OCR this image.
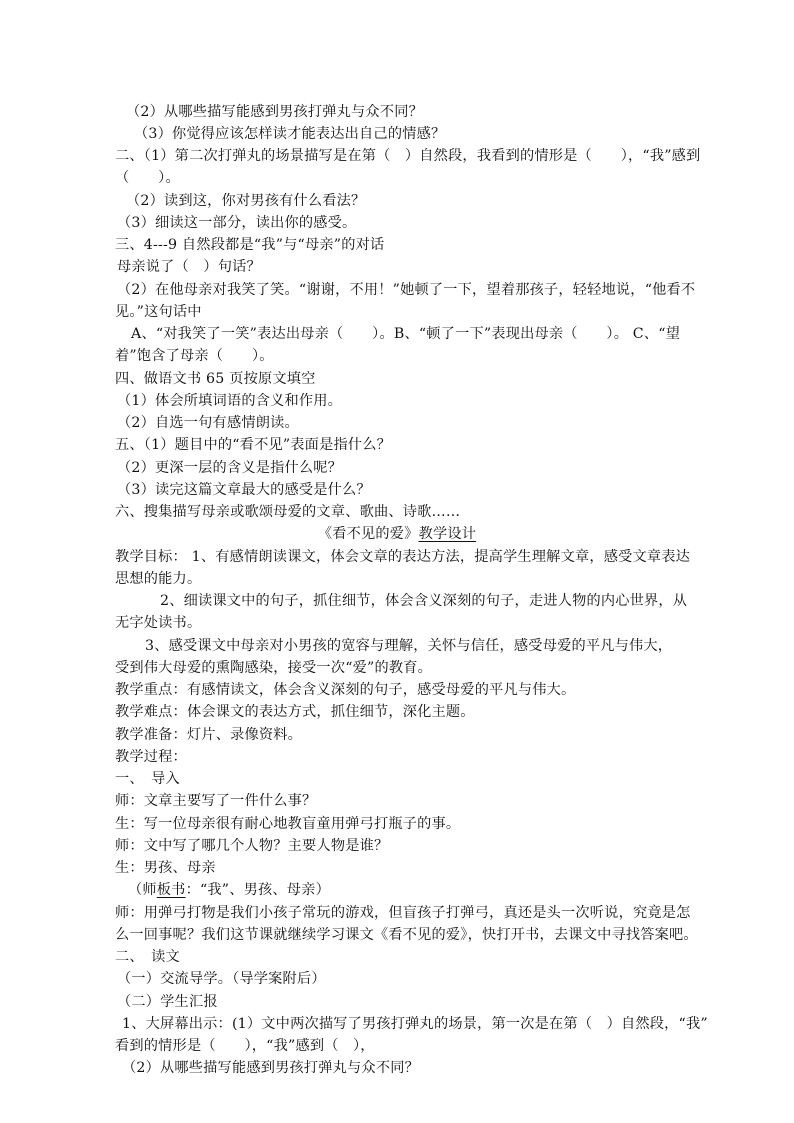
（2）从哪些描写能感到男孩打弹丸与众不同？
（3）你觉得应该怎样读才能表达出自己的情感？
二、（1）第二次打弹丸的场景描写是在第（　）自然段，我看到的情形是（　　），“我”感到
（　　）。
（2）读到这，你对男孩有什么看法？
（3）细读这一部分，读出你的感受。
三、4---9 自然段都是“我”与“母亲”的对话
母亲说了（　）句话？
（2）在他母亲对我笑了笑。“谢谢，不用！”她顿了一下，望着那孩子，轻轻地说，“他看不
见。”这句话中
A、“对我笑了一笑”表达出母亲（　　）。B、“顿了一下”表现出母亲（　　）。 C、“望
着”饱含了母亲（　　）。
四、做语文书 65 页按原文填空
（1）体会所填词语的含义和作用。
（2）自选一句有感情朗读。
五、（1）题目中的“看不见”表面是指什么？
（2）更深一层的含义是指什么呢？
（3）读完这篇文章最大的感受是什么？
六、搜集描写母亲或歌颂母爱的文章、歌曲、诗歌……
《看不见的爱》教学设计
教学目标： 1、有感情朗读课文，体会文章的表达方法，提高学生理解文章，感受文章表达
思想的能力。
2、细读课文中的句子，抓住细节，体会含义深刻的句子，走进人物的内心世界，从
无字处读书。
3、感受课文中母亲对小男孩的宽容与理解，关怀与信任，感受母爱的平凡与伟大，
受到伟大母爱的熏陶感染，接受一次“爱”的教育。
教学重点：有感情读文，体会含义深刻的句子，感受母爱的平凡与伟大。
教学难点：体会课文的表达方式，抓住细节，深化主题。
教学准备：灯片、录像资料。
教学过程：
一、　导入
师：文章主要写了一件什么事？
生：写一位母亲很有耐心地教盲童用弹弓打瓶子的事。
师：文中写了哪几个人物？主要人物是谁？
生：男孩、母亲
（师板书：“我”、男孩、母亲）
师：用弹弓打物是我们小孩子常玩的游戏，但盲孩子打弹弓，真还是头一次听说，究竟是怎
么一回事呢？我们这节课就继续学习课文《看不见的爱》，快打开书，去课文中寻找答案吧。
二、　读文
（一）交流导学。（导学案附后）
（二）学生汇报
1、大屏幕出示：(1）文中两次描写了男孩打弹丸的场景，第一次是在第（　）自然段，“我”
看到的情形是（　　），“我”感到（　），
（2）从哪些描写能感到男孩打弹丸与众不同？
